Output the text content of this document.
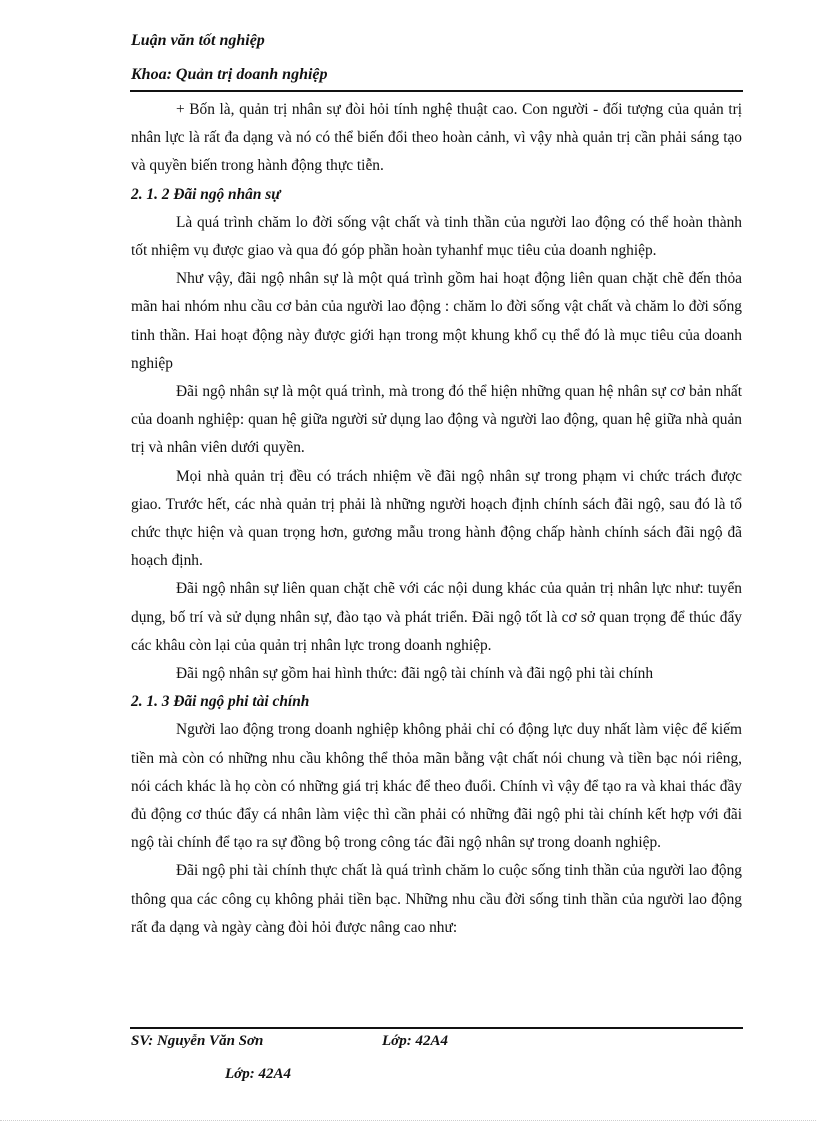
Luận văn tốt nghiệp
Khoa: Quản trị doanh nghiệp

+ Bốn là, quản trị nhân sự đòi hỏi tính nghệ thuật cao. Con người - đối tượng của quản trị nhân lực là rất đa dạng và nó có thể biến đổi theo hoàn cảnh, vì vậy nhà quản trị cần phải sáng tạo và quyền biến trong hành động thực tiễn.

2. 1. 2 Đãi ngộ nhân sự

Là quá trình chăm lo đời sống vật chất và tinh thần của người lao động có thể hoàn thành tốt nhiệm vụ được giao và qua đó góp phần hoàn tyhanhf mục tiêu của doanh nghiệp.

Như vậy, đãi ngộ nhân sự là một quá trình gồm hai hoạt động liên quan chặt chẽ đến thỏa mãn hai nhóm nhu cầu cơ bản của người lao động : chăm lo đời sống vật chất và chăm lo đời sống tinh thần. Hai hoạt động này được giới hạn trong một khung khổ cụ thể đó là mục tiêu của doanh nghiệp

Đãi ngộ nhân sự là một quá trình, mà trong đó thể hiện những quan hệ nhân sự cơ bản nhất của doanh nghiệp: quan hệ giữa người sử dụng lao động và người lao động, quan hệ giữa nhà quản trị và nhân viên dưới quyền.

Mọi nhà quản trị đều có trách nhiệm về đãi ngộ nhân sự trong phạm vi chức trách được giao. Trước hết, các nhà quản trị phải là những người hoạch định chính sách đãi ngộ, sau đó là tổ chức thực hiện và quan trọng hơn, gương mẫu trong hành động chấp hành chính sách đãi ngộ đã hoạch định.

Đãi ngộ nhân sự liên quan chặt chẽ với các nội dung khác của quản trị nhân lực như: tuyển dụng, bố trí và sử dụng nhân sự, đào tạo và phát triển. Đãi ngộ tốt là cơ sở quan trọng để thúc đẩy các khâu còn lại của quản trị nhân lực trong doanh nghiệp.

Đãi ngộ nhân sự gồm hai hình thức: đãi ngộ tài chính và đãi ngộ phi tài chính

2. 1. 3 Đãi ngộ phi tài chính

Người lao động trong doanh nghiệp không phải chỉ có động lực duy nhất làm việc để kiếm tiền mà còn có những nhu cầu không thể thỏa mãn bằng vật chất nói chung và tiền bạc nói riêng, nói cách khác là họ còn có những giá trị khác để theo đuổi. Chính vì vậy để tạo ra và khai thác đầy đủ động cơ thúc đẩy cá nhân làm việc thì cần phải có những đãi ngộ phi tài chính kết hợp với đãi ngộ tài chính để tạo ra sự đồng bộ trong công tác đãi ngộ nhân sự trong doanh nghiệp.

Đãi ngộ phi tài chính thực chất là quá trình chăm lo cuộc sống tinh thần của người lao động thông qua các công cụ không phải tiền bạc. Những nhu cầu đời sống tinh thần của người lao động rất đa dạng và ngày càng đòi hỏi được nâng cao như:

SV: Nguyễn Văn Sơn	Lớp: 42A4
Lớp: 42A4
